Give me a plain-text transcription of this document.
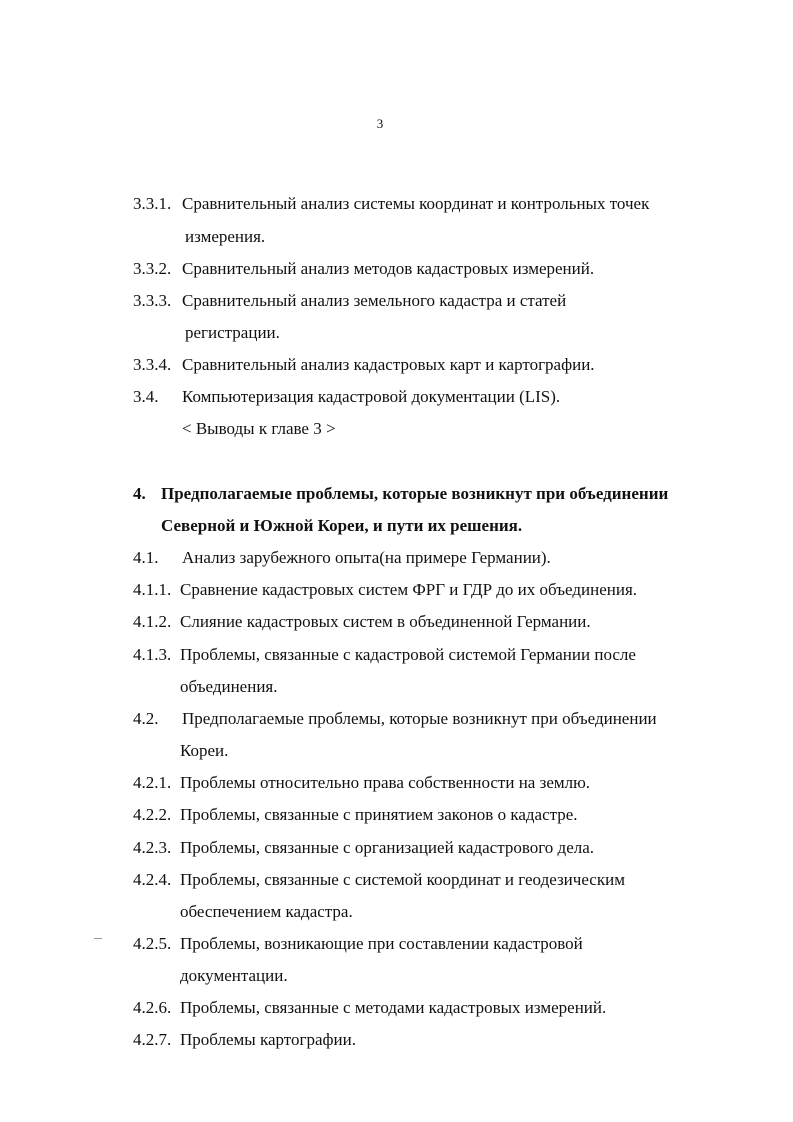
3
3.3.1. Сравнительный анализ системы координат и контрольных точек
измерения.
3.3.2. Сравнительный анализ методов кадастровых измерений.
3.3.3. Сравнительный анализ земельного кадастра и статей
регистрации.
3.3.4. Сравнительный анализ кадастровых карт и картографии.
3.4. Компьютеризация кадастровой документации (LIS).
< Выводы к главе 3 >
4. Предполагаемые проблемы, которые возникнут при объединении
Северной и Южной Кореи, и пути их решения.
4.1. Анализ зарубежного опыта(на примере Германии).
4.1.1. Сравнение кадастровых систем ФРГ и ГДР до их объединения.
4.1.2. Слияние кадастровых систем в объединенной Германии.
4.1.3. Проблемы, связанные с кадастровой системой Германии после
объединения.
4.2. Предполагаемые проблемы, которые возникнут при объединении
Кореи.
4.2.1. Проблемы относительно права собственности на землю.
4.2.2. Проблемы, связанные с принятием законов о кадастре.
4.2.3. Проблемы, связанные с организацией кадастрового дела.
4.2.4. Проблемы, связанные с системой координат и геодезическим
обеспечением кадастра.
4.2.5. Проблемы, возникающие при составлении кадастровой
документации.
4.2.6. Проблемы, связанные с методами кадастровых измерений.
4.2.7. Проблемы картографии.
